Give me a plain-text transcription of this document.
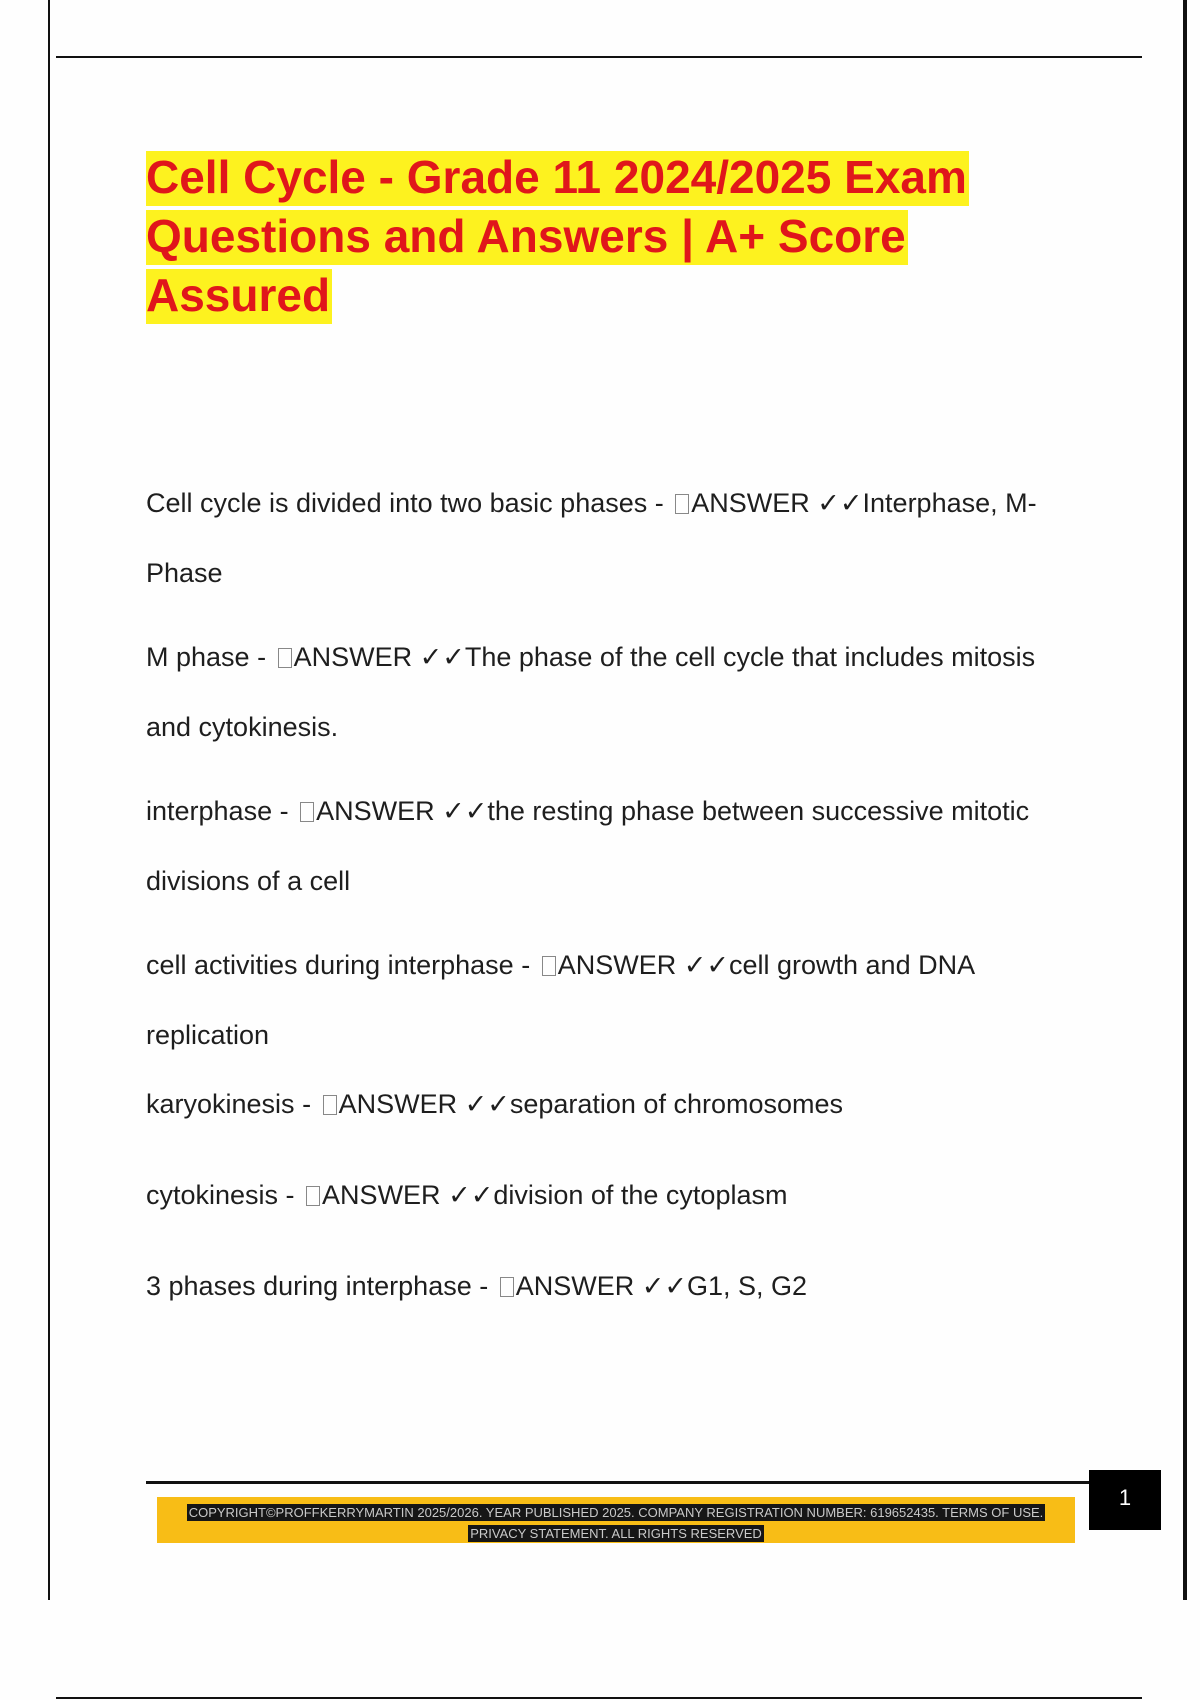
Cell Cycle - Grade 11 2024/2025 Exam Questions and Answers | A+ Score Assured
Cell cycle is divided into two basic phases - ANSWER ✓✓Interphase, M-Phase
M phase - ANSWER ✓✓The phase of the cell cycle that includes mitosis and cytokinesis.
interphase - ANSWER ✓✓the resting phase between successive mitotic divisions of a cell
cell activities during interphase - ANSWER ✓✓cell growth and DNA replication
karyokinesis - ANSWER ✓✓separation of chromosomes
cytokinesis - ANSWER ✓✓division of the cytoplasm
3 phases during interphase - ANSWER ✓✓G1, S, G2
COPYRIGHT©PROFFKERRYMARTIN 2025/2026. YEAR PUBLISHED 2025. COMPANY REGISTRATION NUMBER: 619652435. TERMS OF USE. PRIVACY STATEMENT. ALL RIGHTS RESERVED
1
